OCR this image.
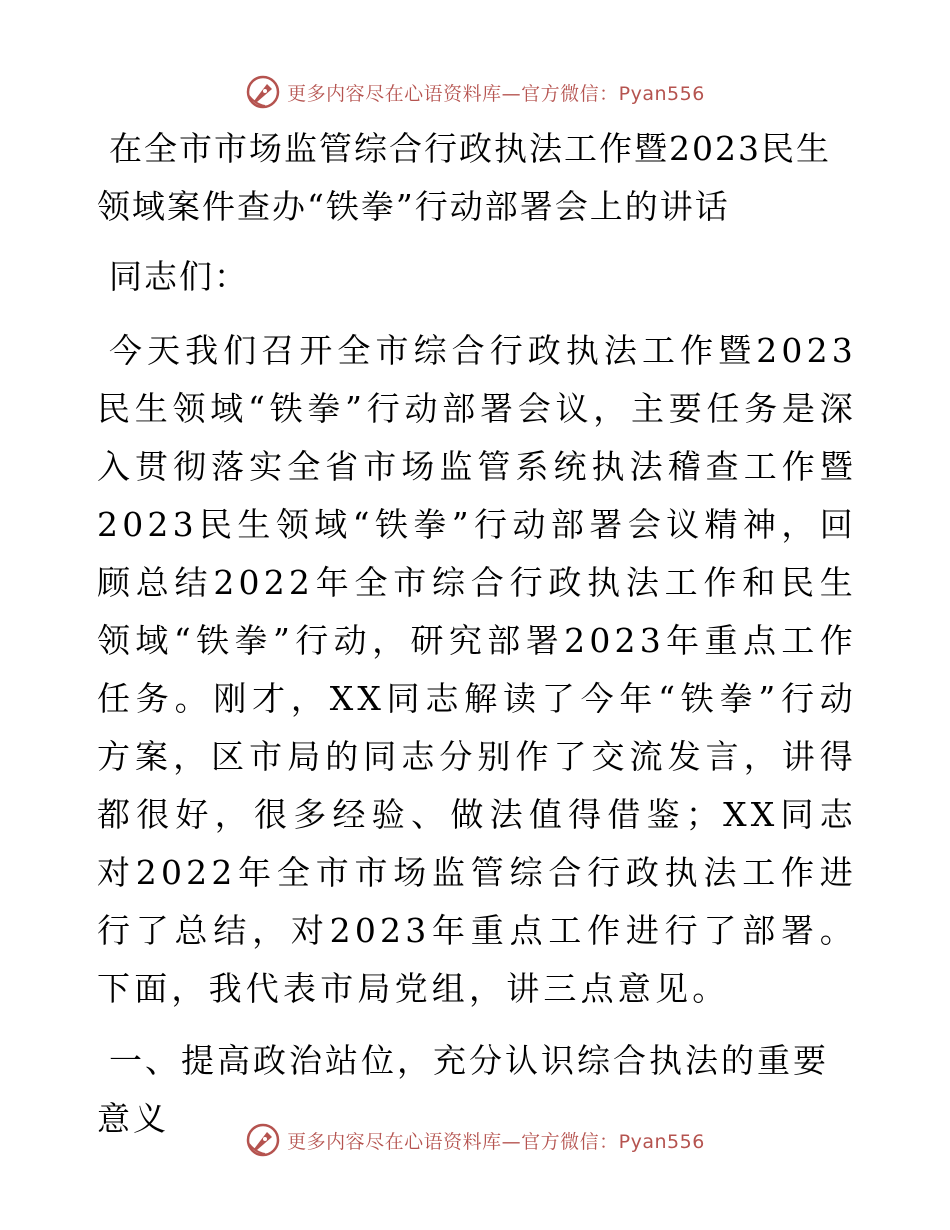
更多内容尽在心语资料库—官方微信：Pyan556
在全市市场监管综合行政执法工作暨2023民生领域案件查办“铁拳”行动部署会上的讲话

同志们：

今天我们召开全市综合行政执法工作暨2023民生领域“铁拳”行动部署会议，主要任务是深入贯彻落实全省市场监管系统执法稽查工作暨2023民生领域“铁拳”行动部署会议精神，回顾总结2022年全市综合行政执法工作和民生领域“铁拳”行动，研究部署2023年重点工作任务。刚才，XX同志解读了今年“铁拳”行动方案，区市局的同志分别作了交流发言，讲得都很好，很多经验、做法值得借鉴；XX同志对2022年全市市场监管综合行政执法工作进行了总结，对2023年重点工作进行了部署。下面，我代表市局党组，讲三点意见。

一、提高政治站位，充分认识综合执法的重要意义
更多内容尽在心语资料库—官方微信：Pyan556
